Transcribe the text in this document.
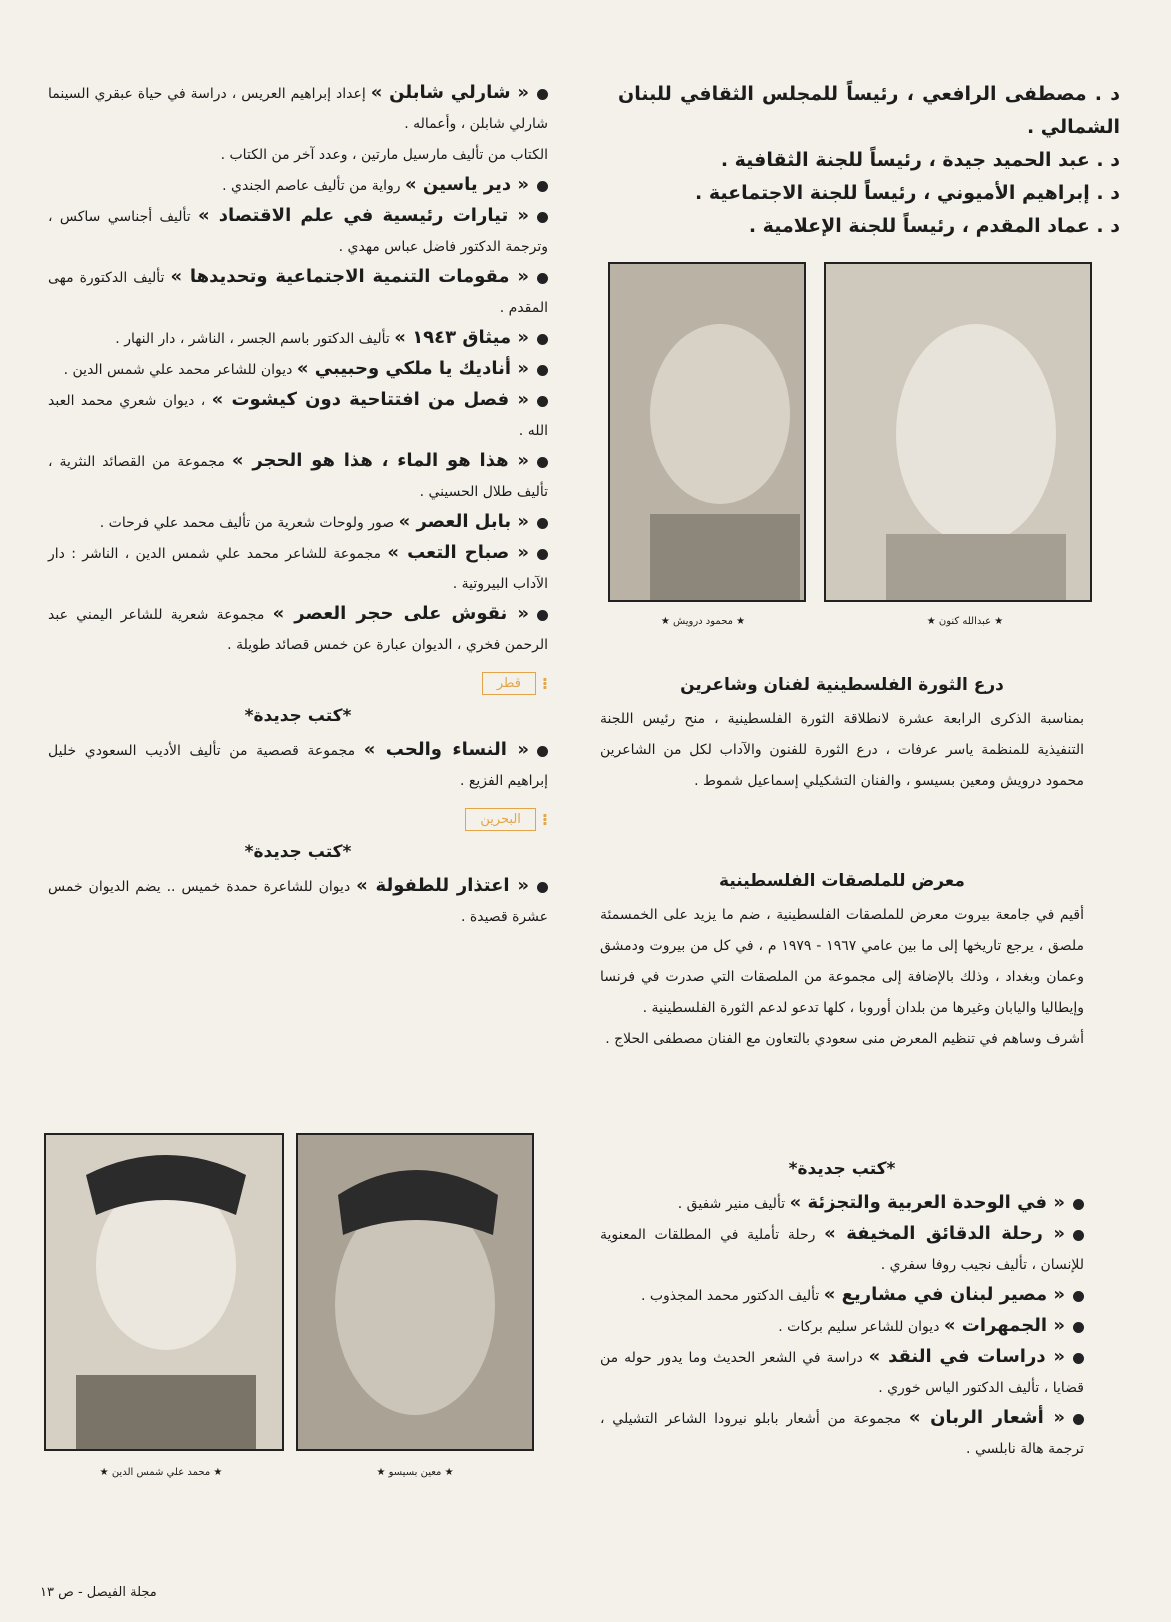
د . مصطفى الرافعي ، رئيساً للمجلس الثقافي للبنان الشمالي .

د . عبد الحميد جيدة ، رئيساً للجنة الثقافية .

د . إبراهيم الأميوني ، رئيساً للجنة الاجتماعية .

د . عماد المقدم ، رئيساً للجنة الإعلامية .

★ محمود درويش ★	★ عبدالله كنون ★

درع الثورة الفلسطينية لفنان وشاعرين

بمناسبة الذكرى الرابعة عشرة لانطلاقة الثورة الفلسطينية ، منح رئيس اللجنة التنفيذية للمنظمة ياسر عرفات ، درع الثورة للفنون والآداب لكل من الشاعرين محمود درويش ومعين بسيسو ، والفنان التشكيلي إسماعيل شموط .

معرض للملصقات الفلسطينية

أقيم في جامعة بيروت معرض للملصقات الفلسطينية ، ضم ما يزيد على الخمسمئة ملصق ، يرجع تاريخها إلى ما بين عامي ١٩٦٧ - ١٩٧٩ م ، في كل من بيروت ودمشق وعمان وبغداد ، وذلك بالإضافة إلى مجموعة من الملصقات التي صدرت في فرنسا وإيطاليا واليابان وغيرها من بلدان أوروبا ، كلها تدعو لدعم الثورة الفلسطينية .

أشرف وساهم في تنظيم المعرض منى سعودي بالتعاون مع الفنان مصطفى الحلاج .

*كتب جديدة*

« في الوحدة العربية والتجزئة » تأليف منير شفيق .

« رحلة الدقائق المخيفة » رحلة تأملية في المطلقات المعنوية للإنسان ، تأليف نجيب روفا سفري .

« مصير لبنان في مشاريع » تأليف الدكتور محمد المجذوب .

« الجمهرات » ديوان للشاعر سليم بركات .

« دراسات في النقد » دراسة في الشعر الحديث وما يدور حوله من قضايا ، تأليف الدكتور الياس خوري .

« أشعار الربان » مجموعة من أشعار بابلو نيرودا الشاعر التشيلي ، ترجمة هالة نابلسي .

« شارلي شابلن » إعداد إبراهيم العريس ، دراسة في حياة عبقري السينما شارلي شابلن ، وأعماله .

الكتاب من تأليف مارسيل مارتين ، وعدد آخر من الكتاب .

« دير ياسين » رواية من تأليف عاصم الجندي .

« تيارات رئيسية في علم الاقتصاد » تأليف أجناسي ساكس ، وترجمة الدكتور فاضل عباس مهدي .

« مقومات التنمية الاجتماعية وتحديدها » تأليف الدكتورة مهى المقدم .

« ميثاق ١٩٤٣ » تأليف الدكتور باسم الجسر ، الناشر ، دار النهار .

« أناديك يا ملكي وحبيبي » ديوان للشاعر محمد علي شمس الدين .

« فصل من افتتاحية دون كيشوت » ، ديوان شعري محمد العبد الله .

« هذا هو الماء ، هذا هو الحجر » مجموعة من القصائد النثرية ، تأليف طلال الحسيني .

« بابل العصر » صور ولوحات شعرية من تأليف محمد علي فرحات .

« صباح التعب » مجموعة للشاعر محمد علي شمس الدين ، الناشر : دار الآداب البيروتية .

« نقوش على حجر العصر » مجموعة شعرية للشاعر اليمني عبد الرحمن فخري ، الديوان عبارة عن خمس قصائد طويلة .

⁝
قطر

*كتب جديدة*

« النساء والحب » مجموعة قصصية من تأليف الأديب السعودي خليل إبراهيم الفزيع .

⁝
البحرين

*كتب جديدة*

« اعتذار للطفولة » ديوان للشاعرة حمدة خميس .. يضم الديوان خمس عشرة قصيدة .

★ محمد علي شمس الدين ★	★ معين بسيسو ★
مجلة الفيصل - ص ١٣
